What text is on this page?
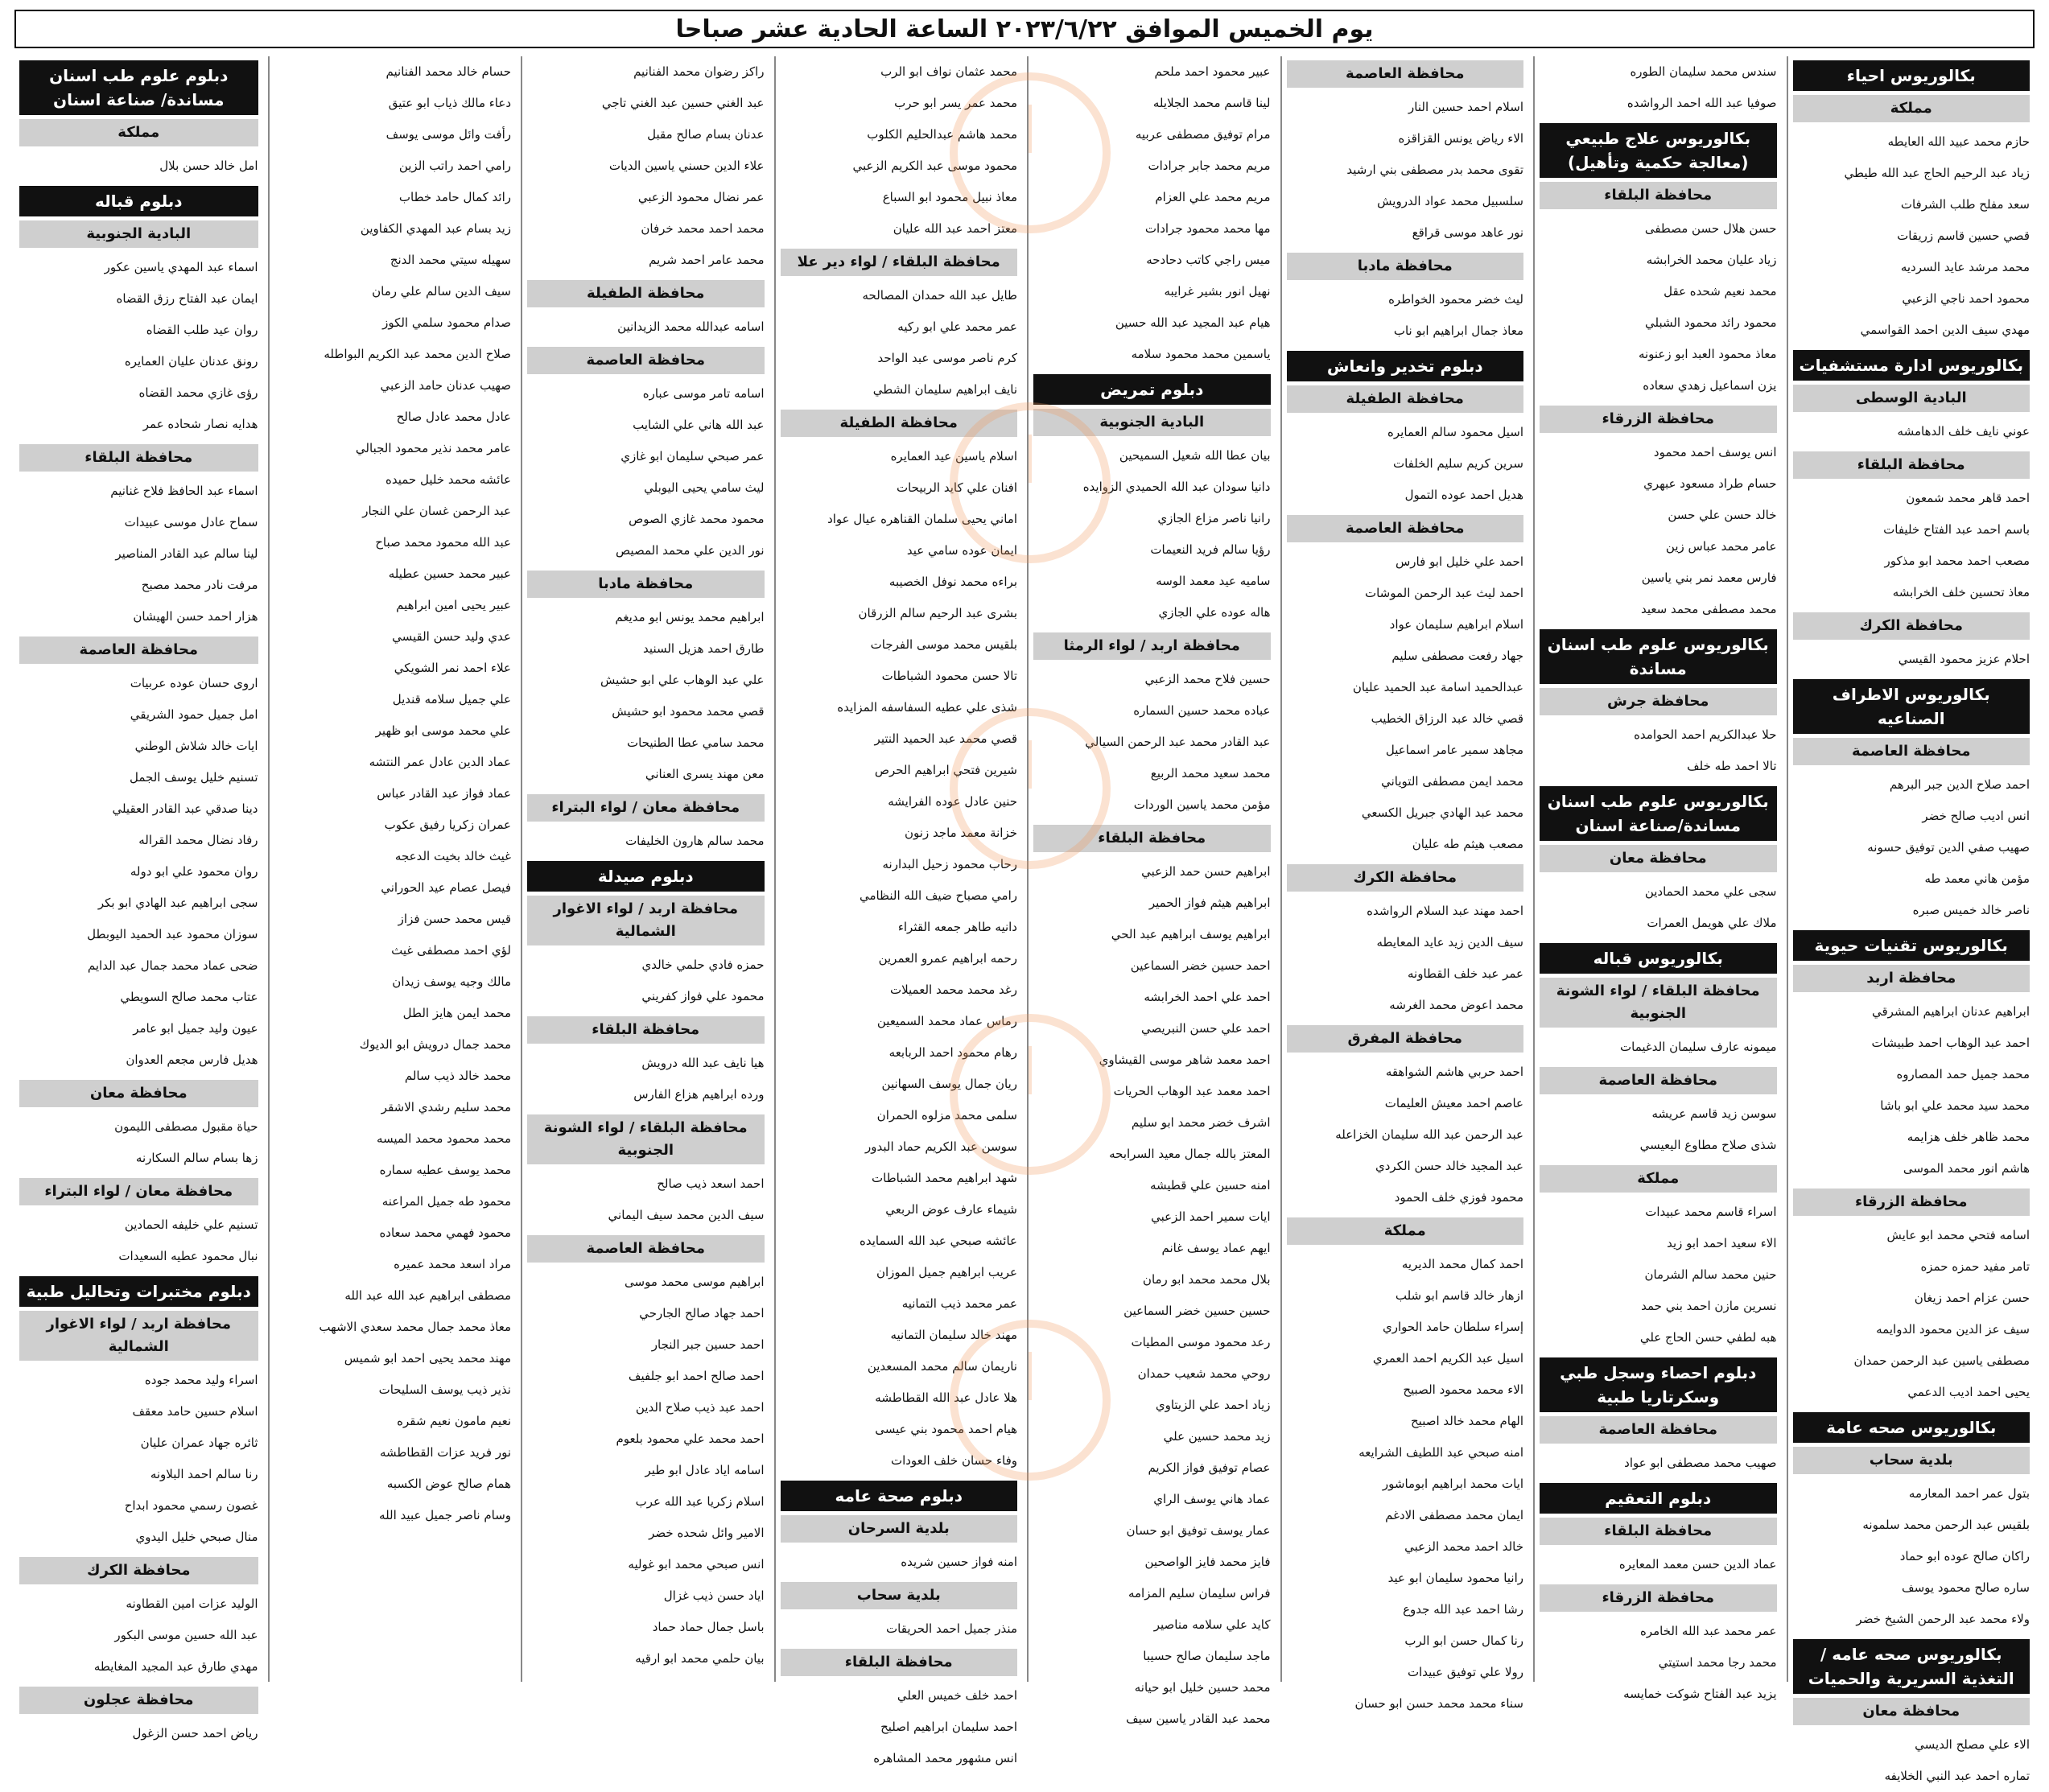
يوم الخميس الموافق ٢٠٢٣/٦/٢٢ الساعة الحادية عشر صباحا
بكالوريوس احياء
مملكة
حازم محمد عبيد الله العايطه
زياد عبد الرحيم الحاج عبد الله طيطي
سعد مفلح طلب الشرفات
قصي حسين قاسم زريقات
محمد مرشد عايد السرديه
محمود احمد ناجي الزعبي
مهدي سيف الدين احمد القواسمي
بكالوريوس ادارة مستشفيات
البادية الوسطى
عوني نايف خلف الدهامشه
محافظة البلقاء
احمد قاهر محمد شمعون
باسم احمد عبد الفتاح خليفات
مصعب احمد محمد ابو مذكور
معاذ تحسين خلف الخرابشه
محافظة الكرك
احلام عزيز محمود القيسي
بكالوريوس الاطراف الصناعيه
محافظة العاصمة
احمد صلاح الدين جبر البرهم
انس اديب صالح خضر
صهيب صفي الدين توفيق حسونه
مؤمن هاني معمد طه
ناصر خالد خميس صبره
بكالوريوس تقنيات حيوية
محافظة اربد
ابراهيم عدنان ابراهيم المشرقي
احمد عبد الوهاب احمد طبيشات
محمد جميل حمد المصاروه
محمد سيد محمد علي ابو باشا
محمد ظاهر خلف هزايمه
هاشم انور محمد الموسى
محافظة الزرقاء
اسامه فتحي محمد ابو عايش
تامر مفيد حمزه حمزه
حسن عزام احمد زيغان
سيف عز الدين محمود الدوايمه
مصطفى ياسين عبد الرحمن حمدان
يحيى احمد اديب الدعمي
بكالوريوس صحه عامة
بلدية سحاب
بتول عمر احمد المعارمه
بلقيس عبد الرحمن محمد سلمونه
راكان صالح عوده ابو حماد
ساره صالح محمود يوسف
ولاء محمد عبد الرحمن الشيخ خضر
بكالوريوس صحه عامه / التغذية السريرية والحميات
محافظة معان
الاء علي مصلح الديسي
تماره احمد عبد النبي الخلايفه
سندس محمد سليمان الطوره
صوفيا عبد الله احمد الرواشده
بكالوريوس علاج طبيعي (معالجة حكمية وتأهيل)
محافظة البلقاء
حسن هلال حسن مصطفى
زياد عليان محمد الخرابشه
محمد نعيم شحده عقل
محمود رائد محمود الشبلي
معاذ محمود العبد ابو زعنونه
يزن اسماعيل زهدي سعاده
محافظة الزرقاء
انس يوسف احمد محمود
حسام طراد مسعود عبهري
خالد حسن علي حسن
عامر محمد عباس زين
فارس معمد نمر بني ياسين
محمد مصطفى محمد سعيد
بكالوريوس علوم طب اسنان مساندة
محافظة جرش
حلا عبدالكريم احمد الحوامده
تالا احمد طه خلف
بكالوريوس علوم طب اسنان مساندة/صناعة اسنان
محافظة معان
سجى علي محمد الحمادين
ملاك علي هويمل العمرات
بكالوريوس قباله
محافظة البلقاء / لواء الشونة الجنوبية
ميمونه عارف سليمان الدغيمات
محافظة العاصمة
سوسن زيد قاسم عريشه
شذى صلاح مطاوع اليعيسي
مملكة
اسراء قاسم محمد عبيدات
الاء سعيد احمد ابو زيد
حنين محمد سالم الشرمان
نسرين مازن احمد بني حمد
هبه لطفي حسن الحاج علي
دبلوم احصاء وسجل طبي وسكرتاريا طبية
محافظة العاصمة
صهيب محمد مصطفى ابو عواد
دبلوم التعقيم
محافظة البلقاء
عماد الدين حسن معمد المعايره
محافظة الزرقاء
عمر محمد عبد الله الخامره
محمد رجا محمد استيتي
يزيد عبد الفتاح شوكت خمايسه
محافظة العاصمة
اسلام احمد حسين النار
الاء رياض يونس القزاقزه
تقوى محمد بدر مصطفى بني ارشيد
سلسبيل محمد عواد الدرويش
نور عاهد موسى قراقع
محافظة مادبا
ليث خضر محمود الخواطره
معاذ جمال ابراهيم ابو ناب
دبلوم تخدير وانعاش
محافظة الطفيلة
اسيل محمود سالم العمايره
سرين كريم سليم الخلفات
هديل احمد عوده التمول
محافظة العاصمة
احمد علي خليل ابو فارس
احمد ليث عبد الرحمن الموشات
اسلام ابراهيم سليمان عواد
جهاد رفعت مصطفى سليم
عبدالحميد اسامة عبد الحميد عليان
قصي خالد عبد الرزاق الخطيب
مجاهد سمير عامر اسماعيل
محمد ايمن مصطفى التوياني
محمد عبد الهادي جبريل الكسعي
مصعب هيثم طه عليان
محافظة الكرك
احمد مهند عبد السلام الرواشده
سيف الدين زيد عايد المعايطه
عمر عبد خلف القطاونه
محمد اعوض محمد الغرشه
محافظة المفرق
احمد حربي هاشم الشواهقه
عاصم احمد معيش العليمات
عبد الرحمن عبد الله سليمان الخزاعله
عبد المجيد خالد حسن الكردي
محمود فوزي خلف الحمود
مملكة
احمد كمال محمد الديريه
ازهار خالد قاسم ابو شلب
إسراء سلطان حامد الحواري
اسيل عبد الكريم احمد العمري
الاء محمد محمود الصبيح
الهام محمد خالد اصبيح
امنه صبحي عبد اللطيف الشرايعه
ايات محمد ابراهيم ابوماشور
ايمان محمد مصطفى الادغم
خالد احمد محمد الزعبي
رانيا محمود سليمان ابو عيد
رشا احمد عبد الله جدوع
رنا كمال حسن ابو الرب
رولا علي توفيق عبيدات
سناء محمد محمد حسن ابو حسان
عبير محمود احمد ملحم
لينا قاسم محمد الجلايله
مرام توفيق مصطفى عربيه
مريم محمد جابر جرادات
مريم محمد علي العزام
مها محمد محمود جرادات
ميس راجي كاتب دحادحه
نهيل انور بشير غرايبه
هيام عبد المجيد عبد الله حسين
ياسمين محمد محمود سلامه
دبلوم تمريض
البادية الجنوبية
بيان عطا الله شعيل السميحين
دانيا سودان عبد الله الحميدي الزوايده
رانيا ناصر مزاع الجازي
رؤيا سالم فريد النعيمات
ساميه عيد معمد الوسه
هاله عوده علي الجازي
محافظة اربد / لواء الرمثا
حسين فلاح محمد الزعبي
عباده محمد حسين السماره
عبد القادر محمد عبد الرحمن السيالي
محمد سعيد محمد الربيع
مؤمن محمد ياسين الوردات
محافظة البلقاء
ابراهيم حسن حمد الزعبي
ابراهيم هيثم فواز الحمير
ابراهيم يوسف ابراهيم عبد الحي
احمد حسين خضر السماعين
احمد علي احمد الخرابشه
احمد علي حسن النبريصي
احمد معمد شاهر موسى القيشاوي
احمد معمد عبد الوهاب الحريات
اشرف خضر محمد ابو سليم
المعتز بالله جمال معيد السرابحه
امنه حسين علي قطيشه
ايات سمير احمد الزعبي
ايهم عماد يوسف غانم
بلال محمد محمد ابو رمان
حسين حسين خضر السماعين
رعد محمود موسى المطيات
روحي محمد شعيب حمدان
زياد احمد علي الزيتاوي
زيد محمد حسين علي
عصام توفيق فواز الكريم
عماد هاني يوسف الراي
عمار يوسف توفيق ابو حسان
فايز محمد فايز الواصحين
فراس سليمان سليم المزامه
كايد علي سلامه مناصير
ماجد سليمان صالح حسيبا
محمد حسين خليل ابو حيانه
محمد عبد القادر ياسين سيف
محمد عثمان نواف ابو الرب
محمد عمر يسر ابو حرب
محمد هاشم عبدالحليم الكلوب
محمود موسى عبد الكريم الزعبي
معاذ نبيل محمود ابو السباع
معتز احمد عبد الله عليان
محافظة البلقاء / لواء دير علا
طايل عبد الله حمدان المصالحه
عمر محمد علي ابو ركيه
كرم ناصر موسى عبد الواحد
نايف ابراهيم سليمان الشطي
محافظة الطفيلة
اسلام ياسين عيد العمايره
افنان علي كايد الربيحات
اماني يحيى سلمان القناهره عيال عواد
ايمان عوده سامي عيد
براءه محمد نوفل الخصيبه
بشرى عبد الرحيم سالم الزرقان
بلقيس محمد موسى الفرجات
تالا حسن محمود الشباطات
شذى علي عطيه السفاسفه المزايده
قصي محمد عبد الحميد النتير
شيرين فتحي ابراهيم الحرص
حنين عادل عوده الفرايشه
خزانة معمد ماجد زنون
رحاب محمود زحيل البدارنه
رامي مصباح ضيف الله النظامي
دانيه طاهر جمعه القثراء
رحمه ابراهيم عمرو العمرين
رغد محمد محمد العميلات
رماس عماد محمد السميعين
رهام محمود احمد الربابعه
ريان جمال يوسف السهانين
سلمى محمد مزلوه الحمران
سوسن عبد الكريم حماد البدور
شهد ابراهيم محمد الشباطات
شيماء عارف عوض الربعي
عائشه صبحي عبد الله السمايده
عريب ابراهيم جميل الموزان
عمر محمد ذيب التمانيه
مهند خالد سليمان التمانيه
ناريمان سالم محمد المسعدين
هلا عادل عبد الله القطاطشه
هيام احمد محمود بني عيسى
وفاء حسان خلف العودات
دبلوم صحة عامه
بلدية السرحان
امنه فواز حسين شريده
بلدية سحاب
منذر جميل احمد الحريقات
محافظة البلقاء
احمد خلف خميس العلي
احمد سليمان ابراهيم اصليح
انس مشهور محمد المشاهره
راكز رضوان محمد الفنانيم
عبد الغني حسين عبد الغني تاجي
عدنان بسام صالح مقبل
علاء الدين حسني ياسين الديات
عمر نضال محمود الزعبي
محمد احمد محمد خرفان
محمد عامر احمد شريم
محافظة الطفيلة
اسامه عبدالله محمد الزيدانين
محافظة العاصمة
اسامه تامر موسى عباره
عبد الله هاني علي الشايب
عمر صبحي سليمان ابو غازي
ليث سامي يحيى اليوبلي
محمود محمد غازي الصوص
نور الدين علي محمد المصيص
محافظة مادبا
ابراهيم محمد يونس ابو مديغم
طارق احمد هزيل السنيد
علي عبد الوهاب علي ابو حشيش
قصي محمد محمود ابو حشيش
محمد سامي عطا الطنيحات
معن مهند يسرى العناني
محافظة معان / لواء البتراء
محمد سالم هارون الخليفات
دبلوم صيدلة
محافظة اربد / لواء الاغوار الشمالية
حمزه فادي حلمي خالدي
محمود علي فواز كفريني
محافظة البلقاء
هيا نايف عبد الله درويش
ورده ابراهيم هزاع الفارس
محافظة البلقاء / لواء الشونة الجنوبية
احمد اسعد ذيب صالح
سيف الدين محمد سيف اليماني
محافظة العاصمة
ابراهيم موسى محمد موسى
احمد جهاد صالح الجارحي
احمد حسين جبر النجار
احمد صالح احمد ابو جلفيف
احمد عبد ذيب صلاح الدين
احمد محمد علي محمود بلعوم
اسامه اياد عادل ابو طير
اسلام زكريا عبد الله عرب
الامير وائل شحده خضر
انس صبحي محمد ابو غوليه
اياد حسن ذيب غزال
باسل جمال حماد حماد
بيان حلمي محمد ابو ارقيه
حسام خالد محمد الفنانيم
دعاء مالك ذياب ابو عتيق
رأفت وائل موسى يوسف
رامي احمد راتب الزين
رائد كمال حامد خطاب
زيد بسام عبد المهدي الكفاوين
سهيله سيتي محمد الدنج
سيف الدين سالم علي رمان
صدام محمود سلمي الكوز
صلاح الدين محمد عبد الكريم البواطله
صهيب عدنان حامد الزعبي
عادل محمد عادل صالح
عامر محمد نذير محمود الجبالي
عائشه محمد خليل حميده
عبد الرحمن غسان علي النجار
عبد الله محمود محمد صباح
عبير محمد حسين عطيله
عبير يحيى امين ابراهيم
عدي وليد حسن القيسي
علاء احمد نمر الشويكي
علي جميل سلامه قنديل
علي محمد موسى ابو ظهير
عماد الدين عادل عمر النتشه
عماد فواز عبد القادر عباس
عمران زكريا رفيق عكوب
غيث خالد بخيت الدعجه
فيصل عصام عيد الحوراني
قيس محمد حسن فزاز
لؤي احمد مصطفى غيث
مالك وجيه يوسف زيدان
محمد ايمن هايز الطل
محمد جمال درويش ابو الديوك
محمد خالد ذيب سالم
محمد سليم رشدي الاشقر
محمد محمود محمد الميسه
محمد يوسف عطيه سماره
محمود طه جميل المراعنه
محمود فهمي محمد سعاده
مراد اسعد محمد عميره
مصطفى ابراهيم عبد الله عبد الله
معاذ محمد جمال محمد سعدي الاشهب
مهند محمد يحيى احمد ابو شميس
نذير ذيب يوسف السليحات
نعيم مامون نعيم شقره
نور فريد عزات القطاطشه
همام صالح عوض الكسبه
وسام ناصر جميل عبيد الله
دبلوم علوم طب اسنان مساندة/ صناعة اسنان
مملكة
امل خالد حسن بلال
دبلوم قباله
البادية الجنوبية
اسماء عبد المهدي ياسين عكور
ايمان عبد الفتاح رزق القضاه
روان عيد طلب القضاه
رونق عدنان عليان العمايره
رؤى غازي محمد القضاه
هدايه نصار شحاده عمر
محافظة البلقاء
اسماء عبد الحافظ فلاح غنانيم
سماح عادل موسى عبيدات
لينا سالم عبد القادر المناصير
مرفت نادر محمد مصبح
هزار احمد حسن الهيشان
محافظة العاصمة
اروى حسان عوده عربيات
امل جميل حمود الشريقي
ايات خالد شلاش الوطني
تسنيم خليل يوسف الجمل
دينا صدقي عبد القادر العقيلي
رفاد نضال محمد القراله
روان محمود علي ابو دوله
سجى ابراهيم عبد الهادي ابو بكر
سوزان محمود عبد الحميد اليوبطل
ضحى عماد محمد جمال عبد الدايم
عتاب محمد صالح السويطي
عيون وليد جميل ابو عامر
هديل فارس مجعم العدوان
محافظة معان
حياة مقبول مصطفى الليمون
زها بسام سالم السكارنه
محافظة معان / لواء البتراء
تسنيم علي خليفه الحمادين
نبال محمود عطيه السعيدات
دبلوم مختبرات وتحاليل طبية
محافظة اربد / لواء الاغوار الشمالية
اسراء وليد محمد جوده
اسلام حسين حامد معقف
ثائره جهاد عمران عليان
رنا سالم احمد البلاونه
غصون رسمي محمود ابداح
منال صبحي خليل اليدوي
محافظة الكرك
الوليد عزات امين القطاونه
عبد الله حسين موسى البكور
مهدي طارق عبد المجيد المغايطه
محافظة عجلون
رياض احمد حسن الزغول
